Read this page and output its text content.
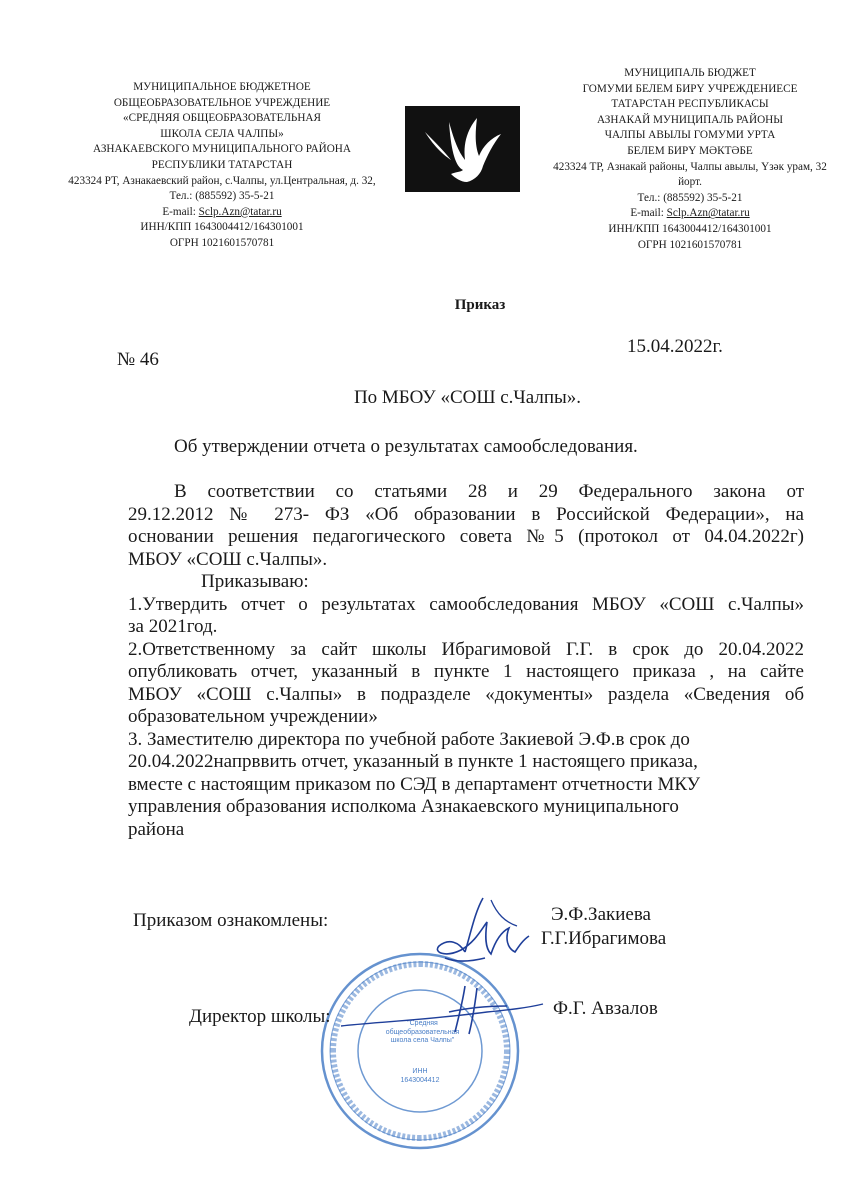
МУНИЦИПАЛЬНОЕ БЮДЖЕТНОЕ
ОБЩЕОБРАЗОВАТЕЛЬНОЕ УЧРЕЖДЕНИЕ
«СРЕДНЯЯ ОБЩЕОБРАЗОВАТЕЛЬНАЯ
ШКОЛА СЕЛА ЧАЛПЫ»
АЗНАКАЕВСКОГО МУНИЦИПАЛЬНОГО РАЙОНА
РЕСПУБЛИКИ ТАТАРСТАН
423324 РТ, Азнакаевский район, с.Чалпы, ул.Центральная, д. 32,
Тел.: (885592) 35-5-21
E-mail: Sclp.Azn@tatar.ru
ИНН/КПП 1643004412/164301001
ОГРН 1021601570781
МУНИЦИПАЛЬ БЮДЖЕТ
ГОМУМИ БЕЛЕМ БИРҮ УЧРЕЖДЕНИЕСЕ
ТАТАРСТАН РЕСПУБЛИКАСЫ
АЗНАКАЙ МУНИЦИПАЛЬ РАЙОНЫ
ЧАЛПЫ АВЫЛЫ ГОМУМИ УРТА
БЕЛЕМ БИРҮ МӘКТӘБЕ
423324 ТР, Азнакай районы, Чалпы авылы, Үзәк урам, 32 йорт.
Тел.: (885592) 35-5-21
E-mail: Sclp.Azn@tatar.ru
ИНН/КПП 1643004412/164301001
ОГРН 1021601570781
Приказ
15.04.2022г.
№ 46
По МБОУ «СОШ с.Чалпы».
Об утверждении отчета о результатах самообследования.
В соответствии со статьями 28 и 29 Федерального закона от
29.12.2012 № 273- ФЗ «Об образовании в Российской Федерации», на
основании решения педагогического совета №5 (протокол от 04.04.2022г)
МБОУ «СОШ с.Чалпы».
Приказываю:
1.Утвердить отчет о результатах самообследования МБОУ «СОШ с.Чалпы»
за 2021год.
2.Ответственному за сайт школы Ибрагимовой Г.Г. в срок до 20.04.2022
опубликовать отчет, указанный в пункте 1 настоящего приказа , на сайте
МБОУ «СОШ с.Чалпы» в подразделе «документы» раздела «Сведения об
образовательном учреждении»
3. Заместителю директора по учебной работе Закиевой Э.Ф.в срок до
20.04.2022напрввить отчет, указанный в пункте 1 настоящего приказа,
вместе с настоящим приказом по СЭД в департамент отчетности МКУ
управления образования исполкома Азнакаевского муниципального
района
"Средняя общеобразовательная школа села Чалпы"
ИНН
1643004412
Приказом ознакомлены:	Э.Ф.Закиева
Г.Г.Ибрагимова
Директор школы:	Ф.Г. Авзалов
